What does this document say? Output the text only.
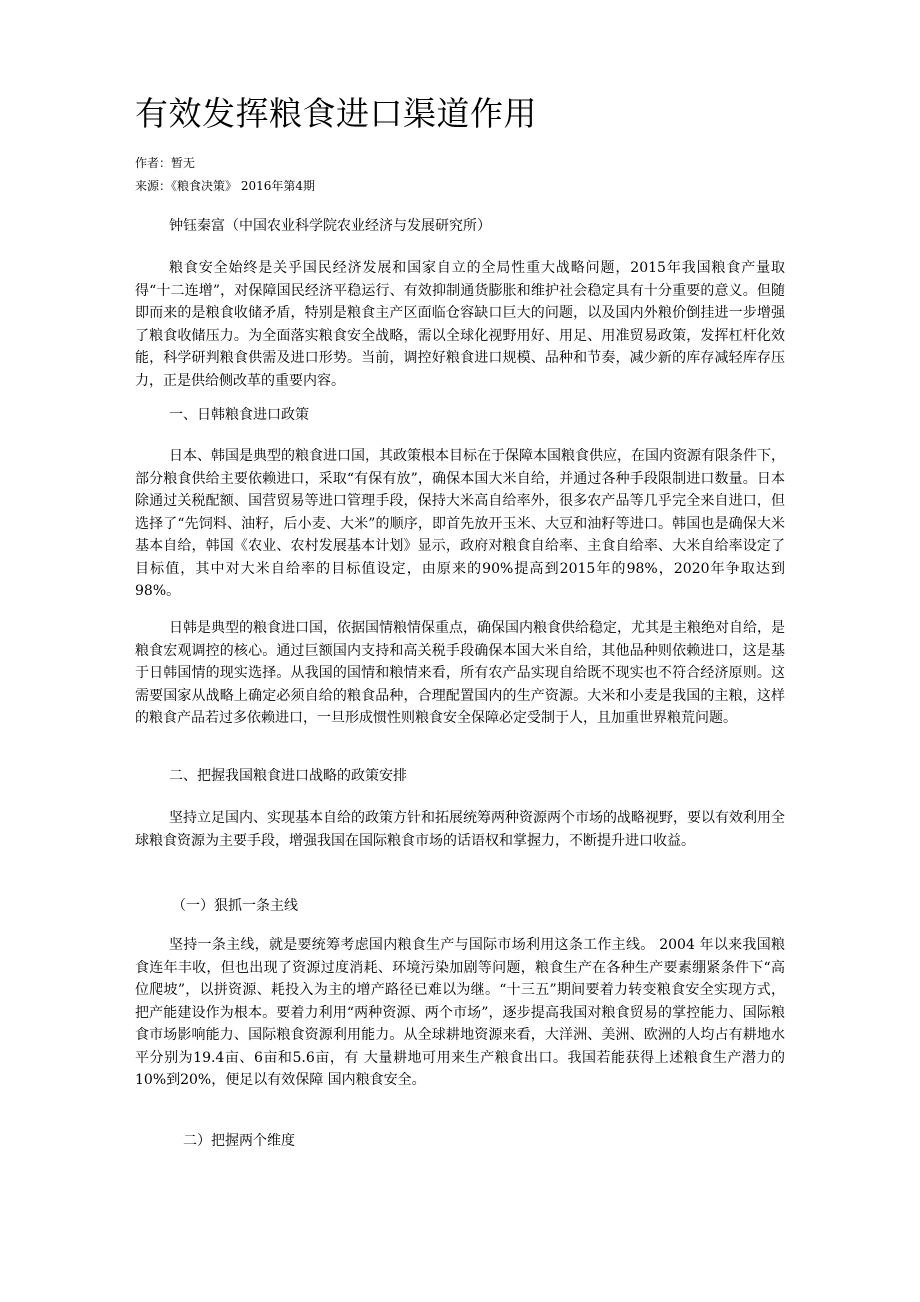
有效发挥粮食进口渠道作用
作者：暂无
来源：《粮食决策》 2016年第4期
钟钰秦富（中国农业科学院农业经济与发展研究所）

粮食安全始终是关乎国民经济发展和国家自立的全局性重大战略问题，2015年我国粮食产量取得“十二连增”，对保障国民经济平稳运行、有效抑制通货膨胀和维护社会稳定具有十分重要的意义。但随即而来的是粮食收储矛盾，特别是粮食主产区面临仓容缺口巨大的问题，以及国内外粮价倒挂进一步增强了粮食收储压力。为全面落实粮食安全战略，需以全球化视野用好、用足、用准贸易政策，发挥杠杆化效能，科学研判粮食供需及进口形势。当前，调控好粮食进口规模、品种和节奏，减少新的库存减轻库存压力，正是供给侧改革的重要内容。

一、日韩粮食进口政策

日本、韩国是典型的粮食进口国，其政策根本目标在于保障本国粮食供应，在国内资源有限条件下，部分粮食供给主要依赖进口，采取“有保有放”，确保本国大米自给，并通过各种手段限制进口数量。日本除通过关税配额、国营贸易等进口管理手段，保持大米高自给率外，很多农产品等几乎完全来自进口，但选择了“先饲料、油籽，后小麦、大米”的顺序，即首先放开玉米、大豆和油籽等进口。韩国也是确保大米基本自给，韩国《农业、农村发展基本计划》显示，政府对粮食自给率、主食自给率、大米自给率设定了目标值，其中对大米自给率的目标值设定，由原来的90%提高到2015年的98%，2020年争取达到98%。

日韩是典型的粮食进口国，依据国情粮情保重点，确保国内粮食供给稳定，尤其是主粮绝对自给，是粮食宏观调控的核心。通过巨额国内支持和高关税手段确保本国大米自给，其他品种则依赖进口，这是基于日韩国情的现实选择。从我国的国情和粮情来看，所有农产品实现自给既不现实也不符合经济原则。这需要国家从战略上确定必须自给的粮食品种，合理配置国内的生产资源。大米和小麦是我国的主粮，这样的粮食产品若过多依赖进口，一旦形成惯性则粮食安全保障必定受制于人，且加重世界粮荒问题。

二、把握我国粮食进口战略的政策安排

坚持立足国内、实现基本自给的政策方针和拓展统筹两种资源两个市场的战略视野，要以有效利用全球粮食资源为主要手段，增强我国在国际粮食市场的话语权和掌握力，不断提升进口收益。

（一）狠抓一条主线

坚持一条主线，就是要统筹考虑国内粮食生产与国际市场利用这条工作主线。 2004 年以来我国粮食连年丰收，但也出现了资源过度消耗、环境污染加剧等问题，粮食生产在各种生产要素绷紧条件下“高位爬坡”，以拼资源、耗投入为主的增产路径已难以为继。“十三五”期间要着力转变粮食安全实现方式，把产能建设作为根本。要着力利用“两种资源、两个市场”，逐步提高我国对粮食贸易的掌控能力、国际粮食市场影响能力、国际粮食资源利用能力。从全球耕地资源来看，大洋洲、美洲、欧洲的人均占有耕地水平分别为19.4亩、6亩和5.6亩，有 大量耕地可用来生产粮食出口。我国若能获得上述粮食生产潜力的10%到20%，便足以有效保障 国内粮食安全。

二）把握两个维度
